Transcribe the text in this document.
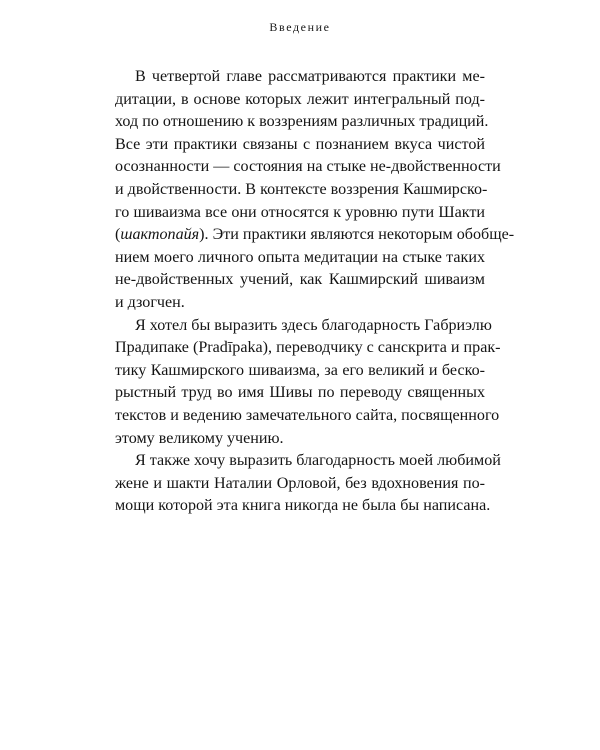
Введение
В четвертой главе рассматриваются практики ме-
дитации, в основе которых лежит интегральный под-
ход по отношению к воззрениям различных традиций.
Все эти практики связаны с познанием вкуса чистой
осознанности — состояния на стыке не-двойственности
и двойственности. В контексте воззрения Кашмирско-
го шиваизма все они относятся к уровню пути Шакти
(шактопайя). Эти практики являются некоторым обобще-
нием моего личного опыта медитации на стыке таких
не-двойственных учений, как Кашмирский шиваизм
и дзогчен.
Я хотел бы выразить здесь благодарность Габриэлю
Прадипаке (Pradīpaka), переводчику с санскрита и прак-
тику Кашмирского шиваизма, за его великий и беско-
рыстный труд во имя Шивы по переводу священных
текстов и ведению замечательного сайта, посвященного
этому великому учению.
Я также хочу выразить благодарность моей любимой
жене и шакти Наталии Орловой, без вдохновения по-
мощи которой эта книга никогда не была бы написана.
